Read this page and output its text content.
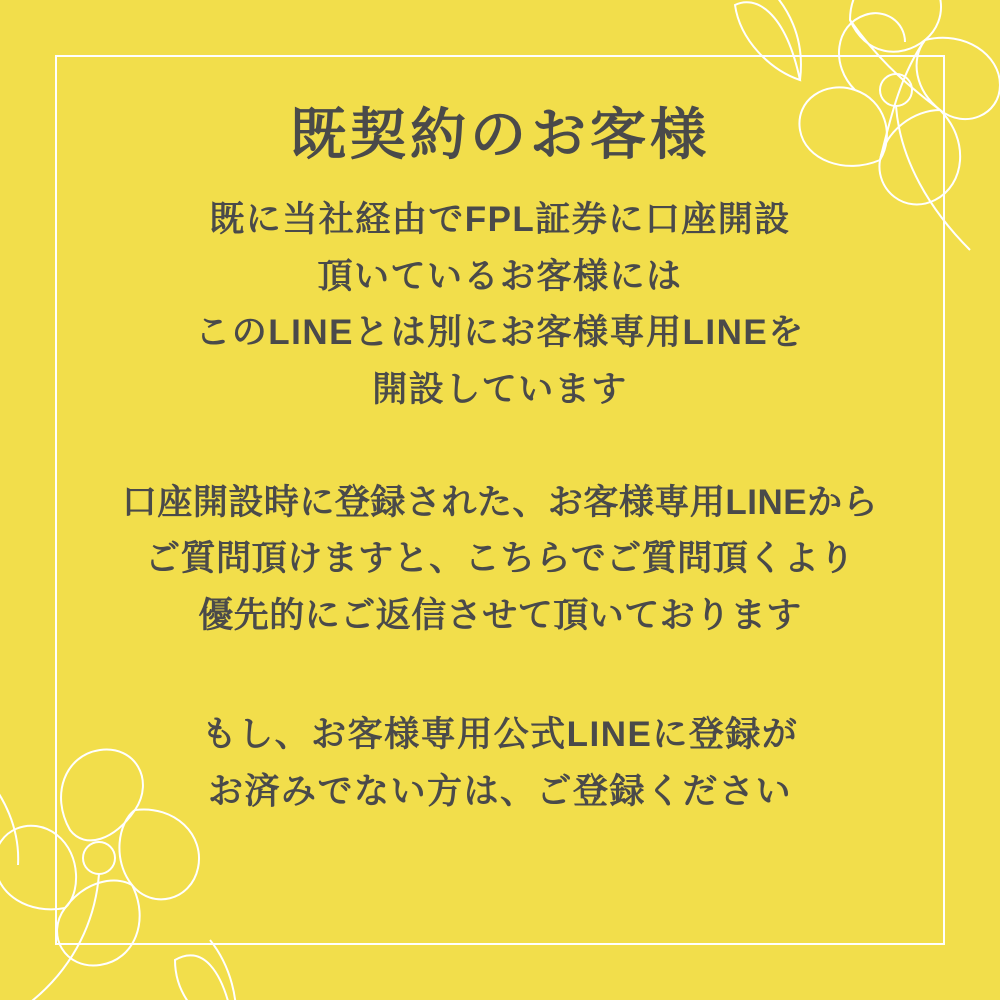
既契約のお客様
既に当社経由でFPL証券に口座開設
頂いているお客様には
このLINEとは別にお客様専用LINEを
開設しています
口座開設時に登録された、お客様専用LINEから
ご質問頂けますと、こちらでご質問頂くより
優先的にご返信させて頂いております
もし、お客様専用公式LINEに登録が
お済みでない方は、ご登録ください
